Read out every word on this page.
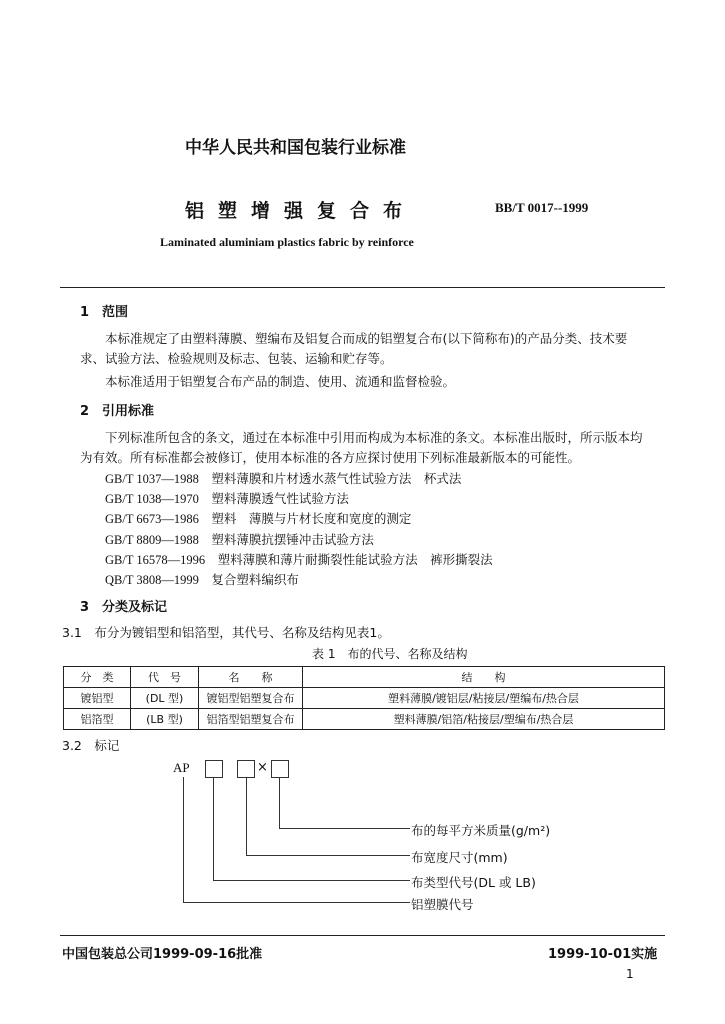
中华人民共和国包装行业标准
铝塑增强复合布	BB/T 0017--1999
Laminated aluminiam plastics fabric by reinforce
1　范围
本标准规定了由塑料薄膜、塑编布及铝复合而成的铝塑复合布(以下简称布)的产品分类、技术要
求、试验方法、检验规则及标志、包装、运输和贮存等。
本标准适用于铝塑复合布产品的制造、使用、流通和监督检验。
2　引用标准
下列标准所包含的条文，通过在本标准中引用而构成为本标准的条文。本标准出版时，所示版本均
为有效。所有标准都会被修订，使用本标准的各方应探讨使用下列标准最新版本的可能性。
GB/T 1037—1988　 塑料薄膜和片材透水蒸气性试验方法　杯式法
GB/T 1038—1970　 塑料薄膜透气性试验方法
GB/T 6673—1986　 塑料　薄膜与片材长度和宽度的测定
GB/T 8809—1988　 塑料薄膜抗摆锤冲击试验方法
GB/T 16578—1996　 塑料薄膜和薄片耐撕裂性能试验方法　裤形撕裂法
QB/T 3808—1999　 复合塑料编织布
3　分类及标记
3.1　布分为镀铝型和铝箔型，其代号、名称及结构见表1。
表 1　布的代号、名称及结构
分　类	代　号	名　　称	结　　构
镀铝型	(DL 型)	镀铝型铝塑复合布	塑料薄膜/镀铝层/粘接层/塑编布/热合层
铝箔型	(LB 型)	铝箔型铝塑复合布	塑料薄膜/铝箔/粘接层/塑编布/热合层
3.2　标记
AP	×
布的每平方米质量(g/m²)
布宽度尺寸(mm)
布类型代号(DL 或 LB)
铝塑膜代号
中国包装总公司1999-09-16批准	1999-10-01实施
1
